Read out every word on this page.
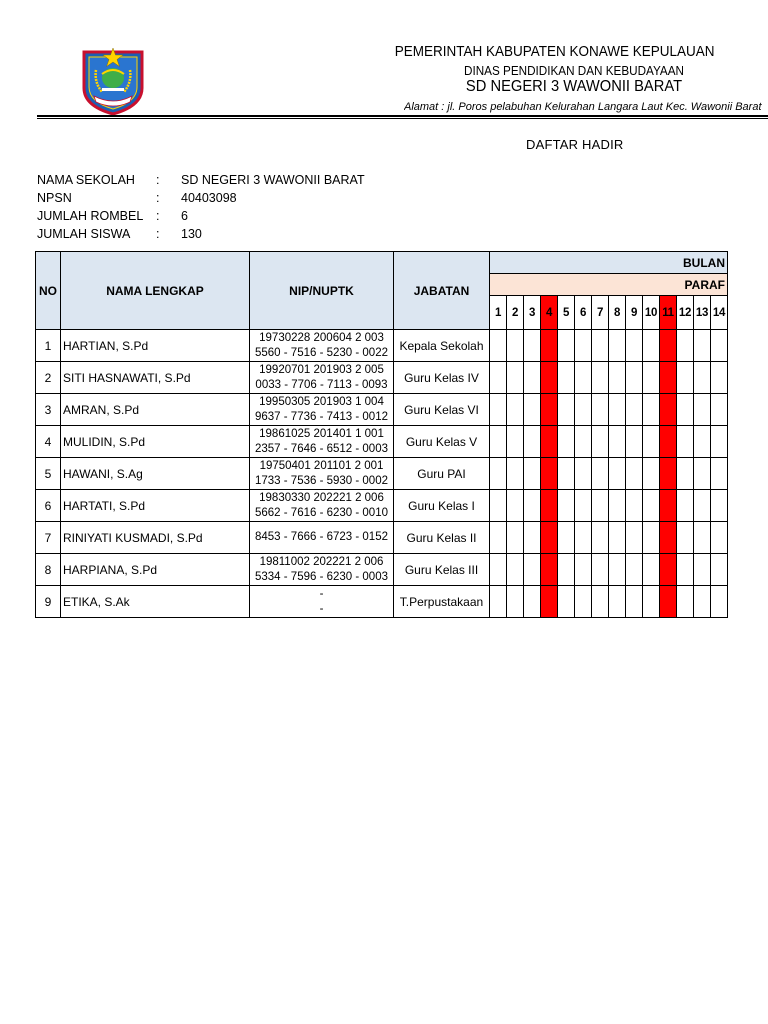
PEMERINTAH KABUPATEN KONAWE KEPULAUAN
DINAS PENDIDIKAN DAN KEBUDAYAAN
SD NEGERI 3 WAWONII BARAT
Alamat : jl. Poros pelabuhan Kelurahan Langara Laut Kec. Wawonii Barat
DAFTAR HADIR
NAMA SEKOLAH : SD NEGERI 3 WAWONII BARAT
NPSN	: 40403098
JUMLAH ROMBEL : 6
JUMLAH SISWA : 130
NO	NAMA LENGKAP	NIP/NUPTK	JABATAN	BULAN													
				PARAF													
				1	2	3	4	5	6	7	8	9	10	11	12	13	14
1	HARTIAN, S.Pd	19730228 200604 2 003
5560 - 7516 - 5230 - 0022	Kepala Sekolah														
2	SITI HASNAWATI, S.Pd	19920701 201903 2 005
0033 - 7706 - 7113 - 0093	Guru Kelas IV														
3	AMRAN, S.Pd	19950305 201903 1 004
9637 - 7736 - 7413 - 0012	Guru Kelas VI														
4	MULIDIN, S.Pd	19861025 201401 1 001
2357 - 7646 - 6512 - 0003	Guru Kelas V														
5	HAWANI, S.Ag	19750401 201101 2 001
1733 - 7536 - 5930 - 0002	Guru PAI														
6	HARTATI, S.Pd	19830330 202221 2 006
5662 - 7616 - 6230 - 0010	Guru Kelas I														
7	RINIYATI KUSMADI, S.Pd	8453 - 7666 - 6723 - 0152	Guru Kelas II														
8	HARPIANA, S.Pd	19811002 202221 2 006
5334 - 7596 - 6230 - 0003	Guru Kelas III														
9	ETIKA, S.Ak	-
-	T.Perpustakaan														
